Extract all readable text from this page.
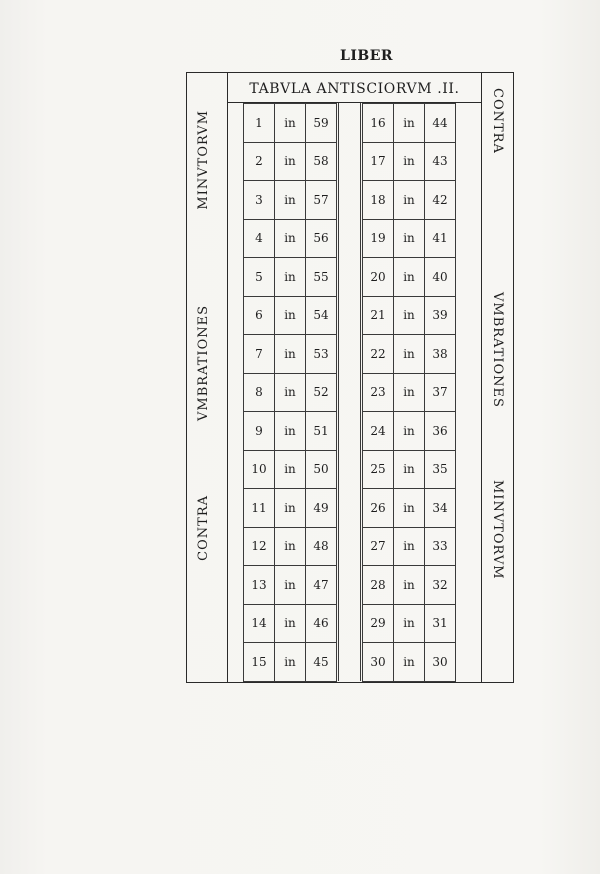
LIBER
TABVLA ANTISCIORVM .II.
MINVTORVM
VMBRATIONES
CONTRA
CONTRA
VMBRATIONES
MINVTORVM
1	in	59
2	in	58
3	in	57
4	in	56
5	in	55
6	in	54
7	in	53
8	in	52
9	in	51
10	in	50
11	in	49
12	in	48
13	in	47
14	in	46
15	in	45
16	in	44
17	in	43
18	in	42
19	in	41
20	in	40
21	in	39
22	in	38
23	in	37
24	in	36
25	in	35
26	in	34
27	in	33
28	in	32
29	in	31
30	in	30
